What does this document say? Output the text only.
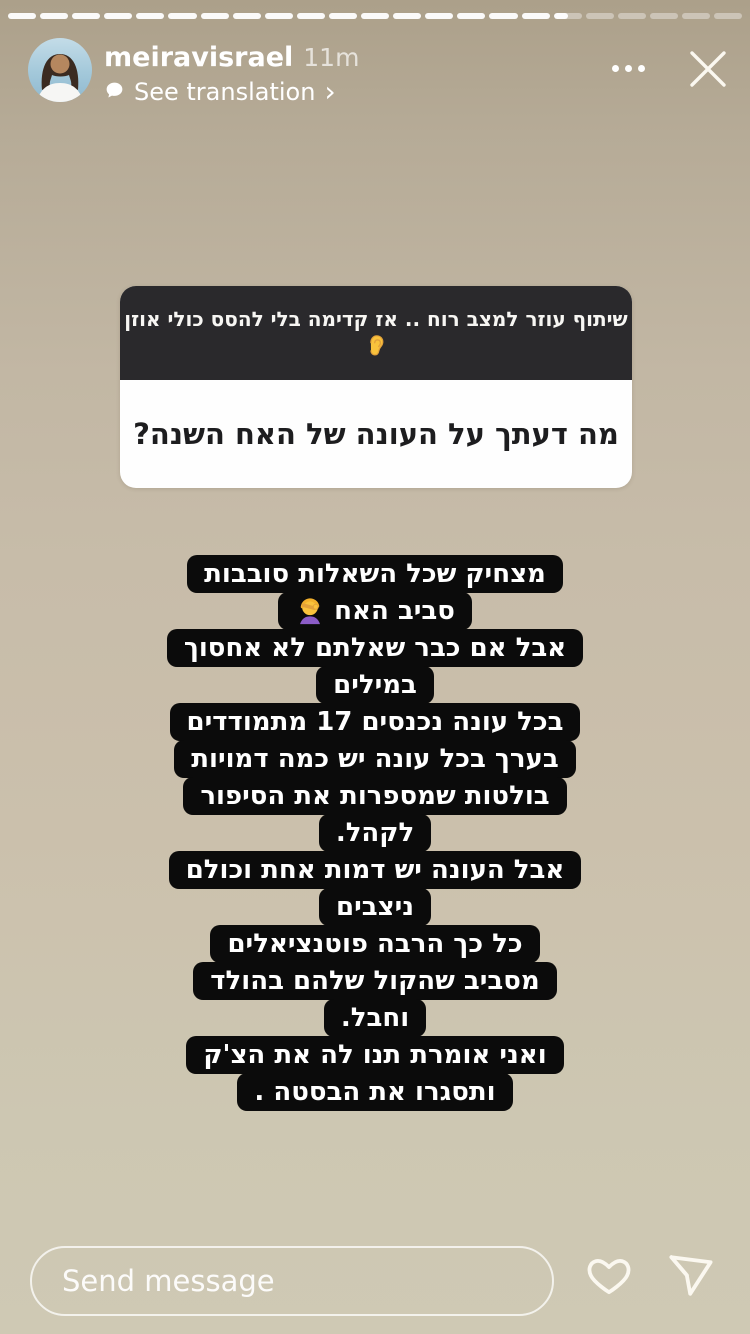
meiravisrael 11m
See translation ›
שיתוף עוזר למצב רוח .. אז קדימה בלי להסס כולי אוזן
מה דעתך על העונה של האח השנה?
מצחיק שכל השאלות סובבות
סביב האח
אבל אם כבר שאלתם לא אחסוך
במילים
בכל עונה נכנסים 17 מתמודדים
בערך בכל עונה יש כמה דמויות
בולטות שמספרות את הסיפור
לקהל.
אבל העונה יש דמות אחת וכולם
ניצבים
כל כך הרבה פוטנציאלים
מסביב שהקול שלהם בהולד
וחבל.
ואני אומרת תנו לה את הצ'ק
ותסגרו את הבסטה .
Send message
